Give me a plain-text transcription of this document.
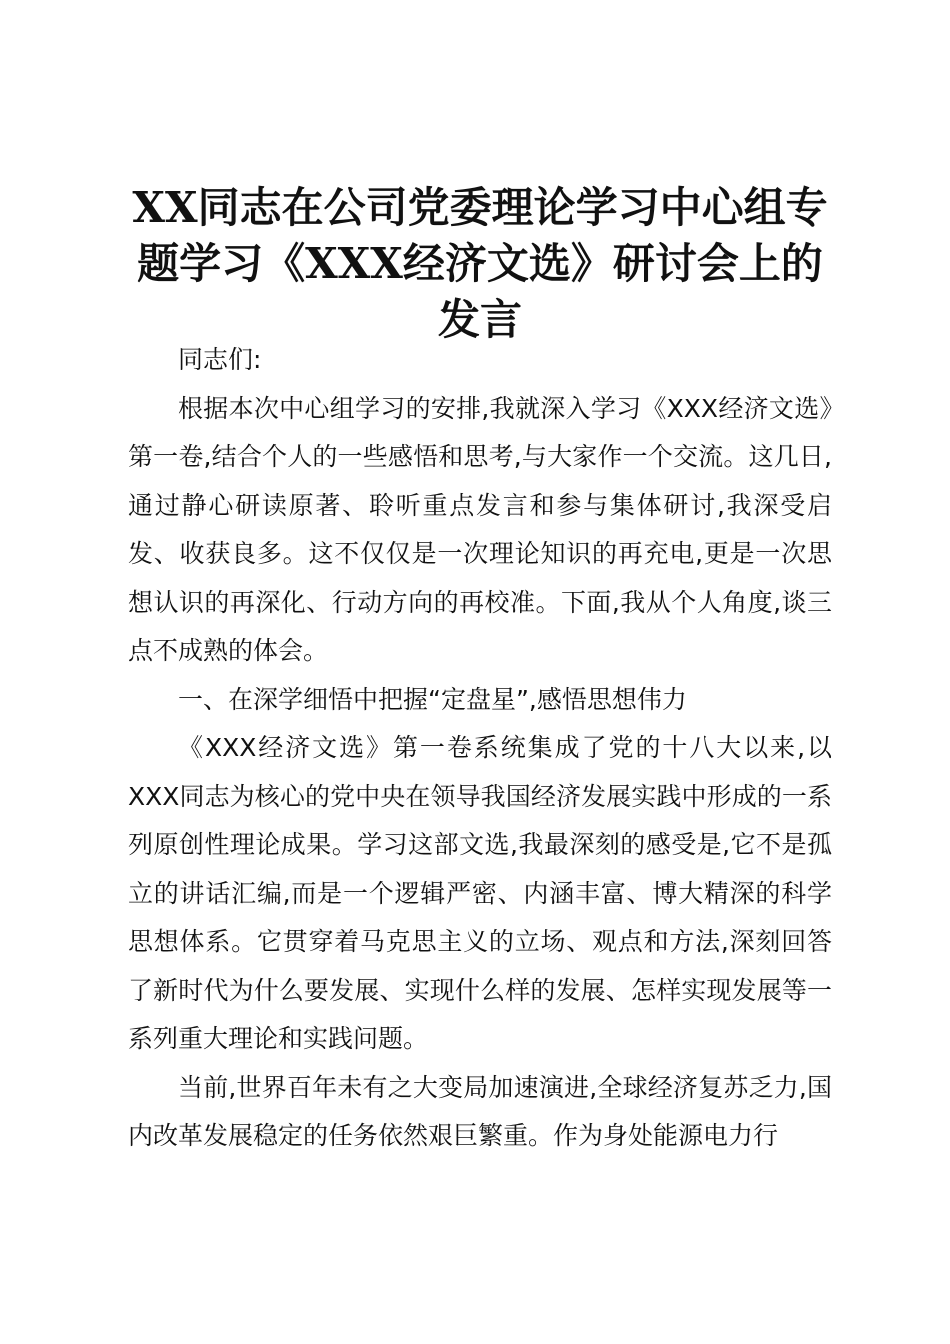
XX同志在公司党委理论学习中心组专题学习《XXX经济文选》研讨会上的发言

同志们:

根据本次中心组学习的安排,我就深入学习《XXX经济文选》第一卷,结合个人的一些感悟和思考,与大家作一个交流。这几日,通过静心研读原著、聆听重点发言和参与集体研讨,我深受启发、收获良多。这不仅仅是一次理论知识的再充电,更是一次思想认识的再深化、行动方向的再校准。下面,我从个人角度,谈三点不成熟的体会。

一、在深学细悟中把握“定盘星”,感悟思想伟力

《XXX经济文选》第一卷系统集成了党的十八大以来,以XXX同志为核心的党中央在领导我国经济发展实践中形成的一系列原创性理论成果。学习这部文选,我最深刻的感受是,它不是孤立的讲话汇编,而是一个逻辑严密、内涵丰富、博大精深的科学思想体系。它贯穿着马克思主义的立场、观点和方法,深刻回答了新时代为什么要发展、实现什么样的发展、怎样实现发展等一系列重大理论和实践问题。

当前,世界百年未有之大变局加速演进,全球经济复苏乏力,国内改革发展稳定的任务依然艰巨繁重。作为身处能源电力行
